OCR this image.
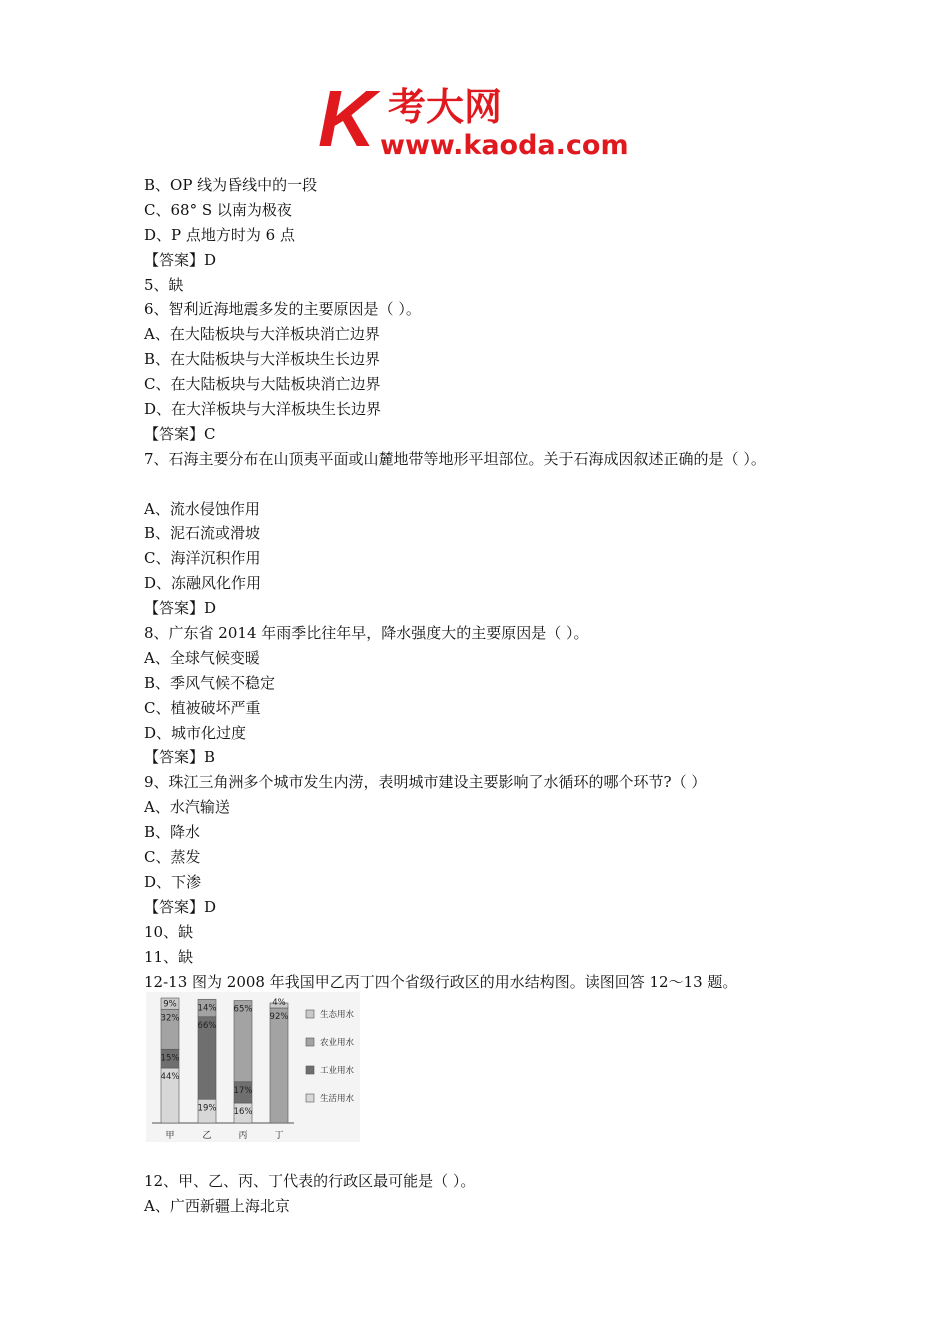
K 考大网
www.kaoda.com
B、OP 线为昏线中的一段
C、68° S 以南为极夜
D、P 点地方时为 6 点
【答案】D
5、缺
6、智利近海地震多发的主要原因是（ ）。
A、在大陆板块与大洋板块消亡边界
B、在大陆板块与大洋板块生长边界
C、在大陆板块与大陆板块消亡边界
D、在大洋板块与大洋板块生长边界
【答案】C
7、石海主要分布在山顶夷平面或山麓地带等地形平坦部位。关于石海成因叙述正确的是（ ）。
A、流水侵蚀作用
B、泥石流或滑坡
C、海洋沉积作用
D、冻融风化作用
【答案】D
8、广东省 2014 年雨季比往年早，降水强度大的主要原因是（ ）。
A、全球气候变暖
B、季风气候不稳定
C、植被破坏严重
D、城市化过度
【答案】B
9、珠江三角洲多个城市发生内涝，表明城市建设主要影响了水循环的哪个环节?（ ）
A、水汽输送
B、降水
C、蒸发
D、下渗
【答案】D
10、缺
11、缺
12-13 图为 2008 年我国甲乙丙丁四个省级行政区的用水结构图。读图回答 12～13 题。
44%
15%
32%
9%
甲
19%
66%
14%
乙
16%
17%
65%
丙
92%
4%
丁
生态用水
农业用水
工业用水
生活用水
12、甲、乙、丙、丁代表的行政区最可能是（ ）。
A、广西新疆上海北京
